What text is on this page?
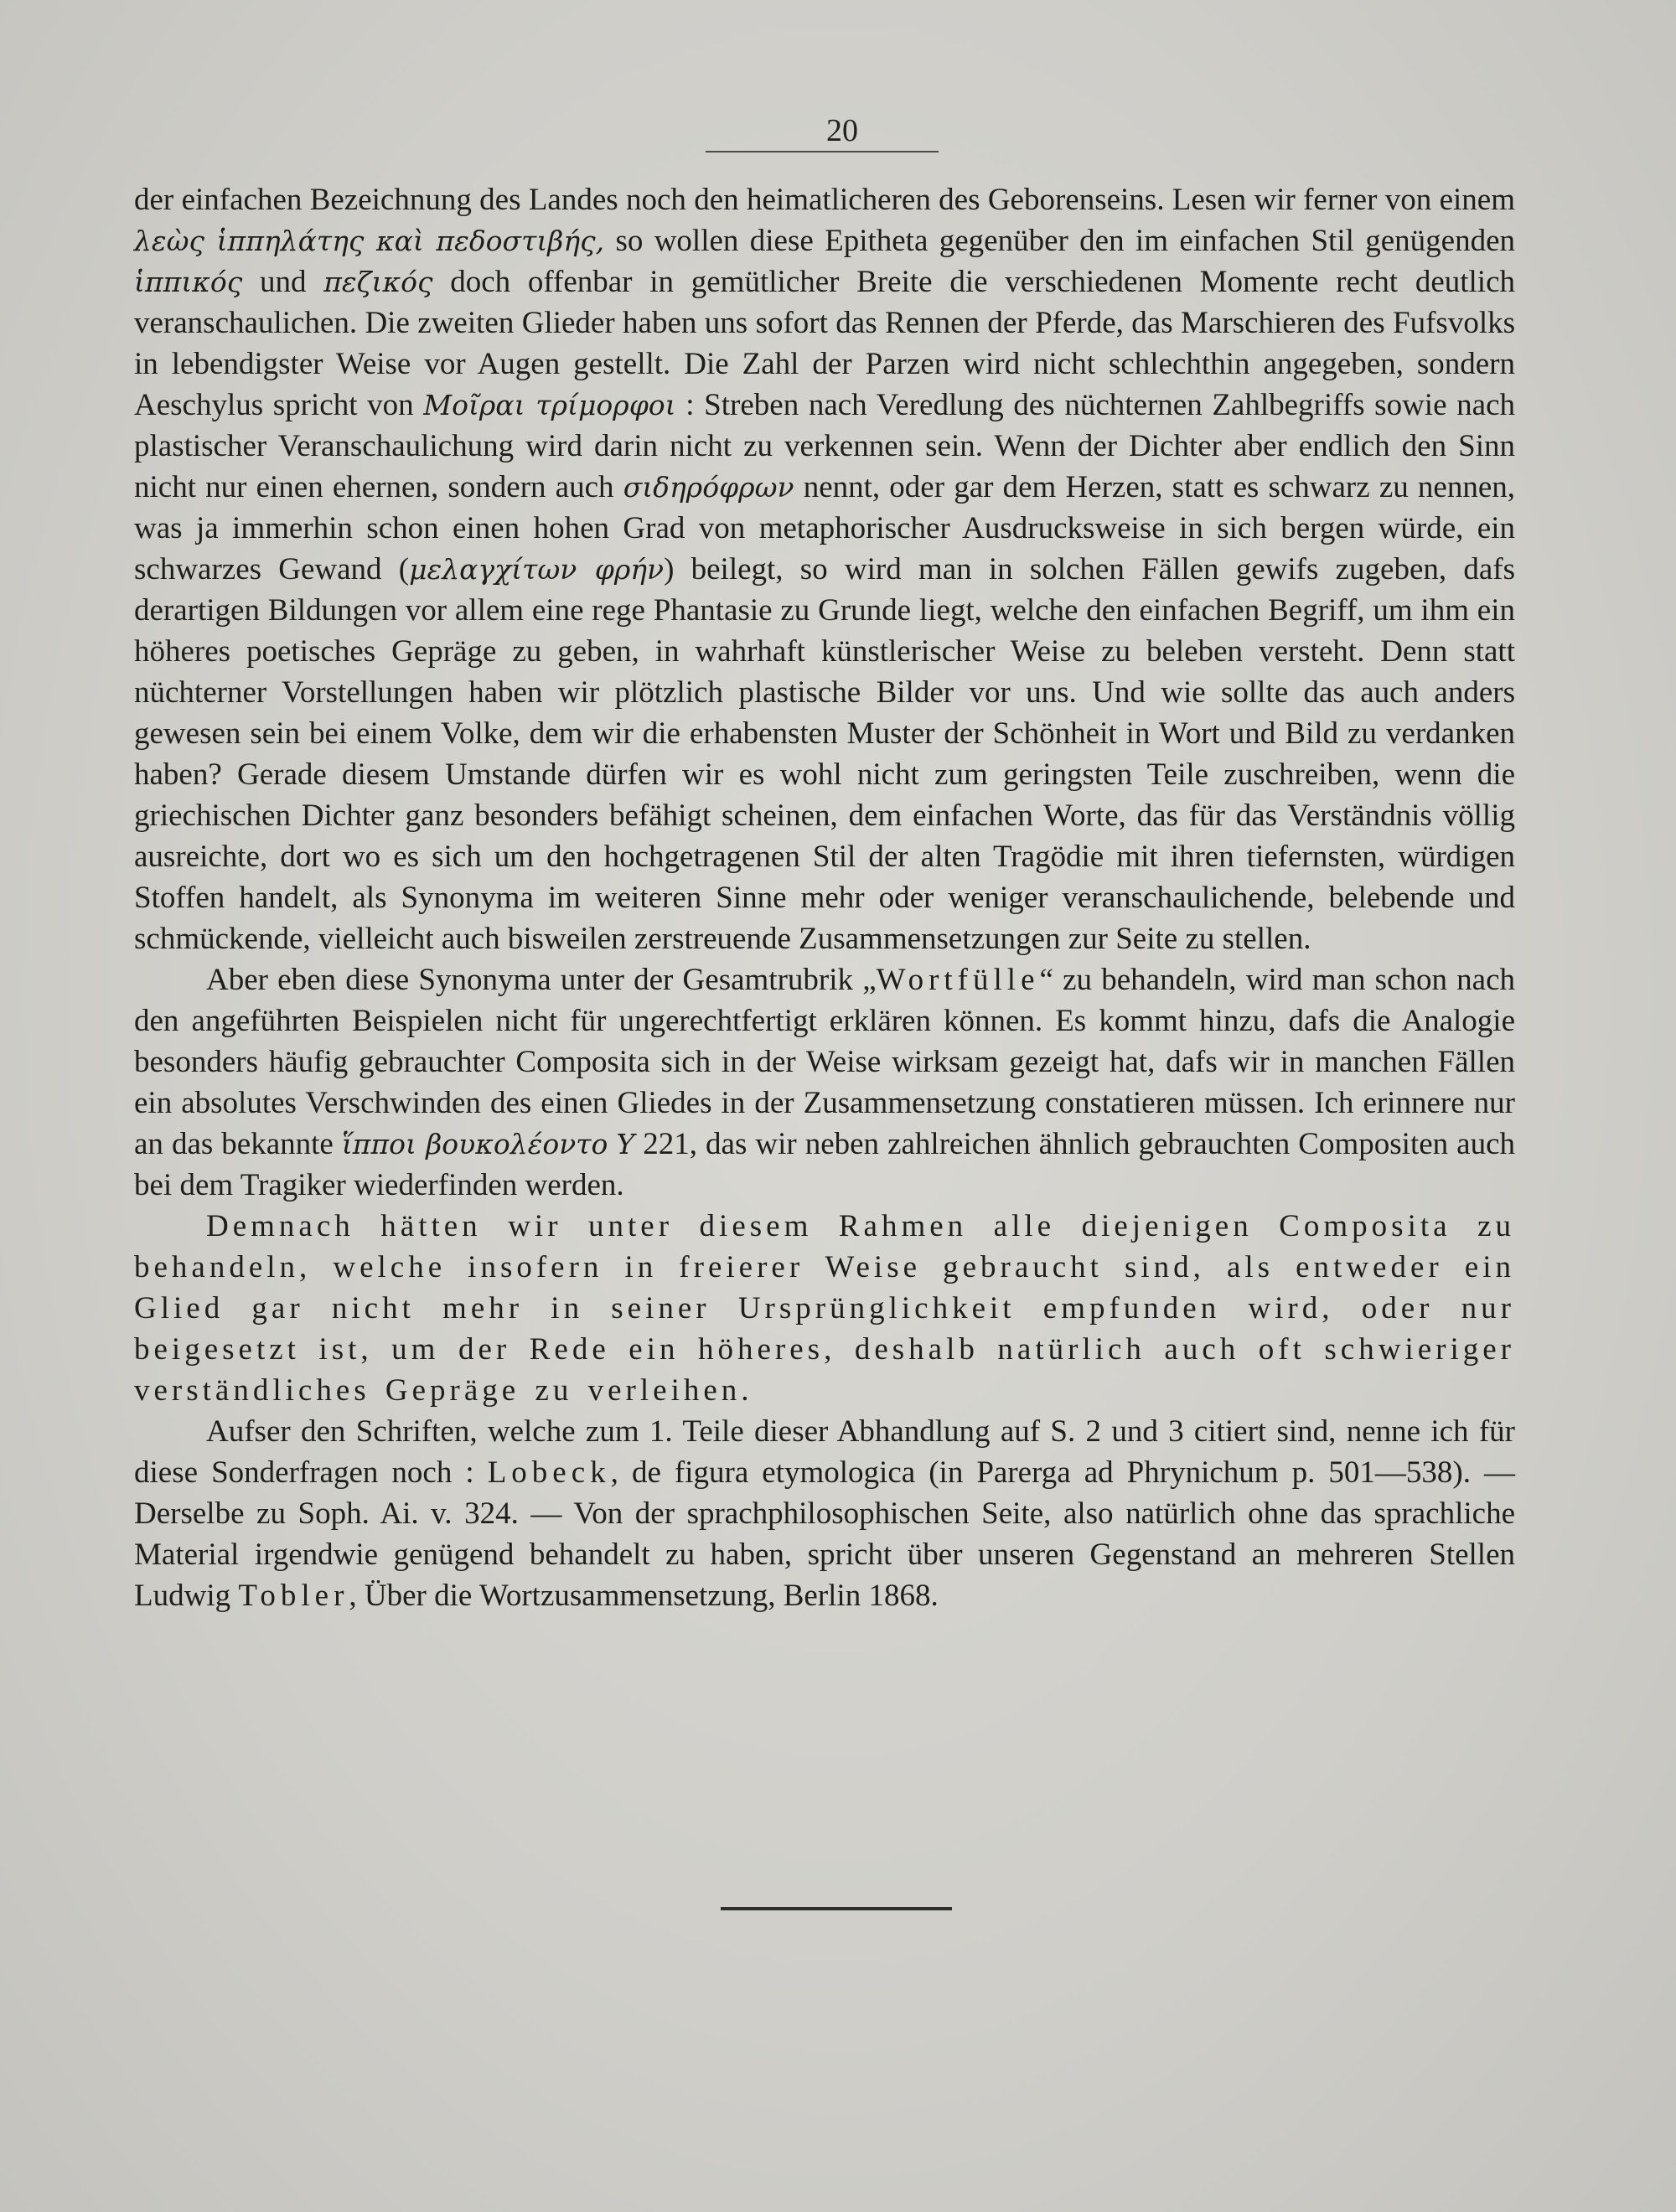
20

der einfachen Bezeichnung des Landes noch den heimatlicheren des Geborenseins. Lesen wir ferner von einem λεὼς ἱππηλάτης καὶ πεδοστιβής, so wollen diese Epitheta gegenüber den im einfachen Stil genügenden ἱππικός und πεζικός doch offenbar in gemütlicher Breite die verschiedenen Momente recht deutlich veranschaulichen. Die zweiten Glieder haben uns sofort das Rennen der Pferde, das Marschieren des Fufsvolks in lebendigster Weise vor Augen gestellt. Die Zahl der Parzen wird nicht schlechthin angegeben, sondern Aeschylus spricht von Μοῖραι τρίμορφοι : Streben nach Veredlung des nüchternen Zahlbegriffs sowie nach plastischer Veranschaulichung wird darin nicht zu verkennen sein. Wenn der Dichter aber endlich den Sinn nicht nur einen ehernen, sondern auch σιδηρόφρων nennt, oder gar dem Herzen, statt es schwarz zu nennen, was ja immerhin schon einen hohen Grad von metaphorischer Ausdrucksweise in sich bergen würde, ein schwarzes Gewand (μελαγχίτων φρήν) beilegt, so wird man in solchen Fällen gewifs zugeben, dafs derartigen Bildungen vor allem eine rege Phantasie zu Grunde liegt, welche den einfachen Begriff, um ihm ein höheres poetisches Gepräge zu geben, in wahrhaft künstlerischer Weise zu beleben versteht. Denn statt nüchterner Vorstellungen haben wir plötzlich plastische Bilder vor uns. Und wie sollte das auch anders gewesen sein bei einem Volke, dem wir die erhabensten Muster der Schönheit in Wort und Bild zu verdanken haben? Gerade diesem Umstande dürfen wir es wohl nicht zum geringsten Teile zuschreiben, wenn die griechischen Dichter ganz besonders befähigt scheinen, dem einfachen Worte, das für das Verständnis völlig ausreichte, dort wo es sich um den hochgetragenen Stil der alten Tragödie mit ihren tiefernsten, würdigen Stoffen handelt, als Synonyma im weiteren Sinne mehr oder weniger veranschaulichende, belebende und schmückende, vielleicht auch bisweilen zerstreuende Zusammensetzungen zur Seite zu stellen.

Aber eben diese Synonyma unter der Gesamtrubrik „Wortfülle“ zu behandeln, wird man schon nach den angeführten Beispielen nicht für ungerechtfertigt erklären können. Es kommt hinzu, dafs die Analogie besonders häufig gebrauchter Composita sich in der Weise wirksam gezeigt hat, dafs wir in manchen Fällen ein absolutes Verschwinden des einen Gliedes in der Zusammensetzung constatieren müssen. Ich erinnere nur an das bekannte ἵπποι βουκολέοντο Υ 221, das wir neben zahlreichen ähnlich gebrauchten Compositen auch bei dem Tragiker wiederfinden werden.

Demnach hätten wir unter diesem Rahmen alle diejenigen Composita zu behandeln, welche insofern in freierer Weise gebraucht sind, als entweder ein Glied gar nicht mehr in seiner Ursprünglichkeit empfunden wird, oder nur beigesetzt ist, um der Rede ein höheres, deshalb natürlich auch oft schwieriger verständliches Gepräge zu verleihen.

Aufser den Schriften, welche zum 1. Teile dieser Abhandlung auf S. 2 und 3 citiert sind, nenne ich für diese Sonderfragen noch : Lobeck, de figura etymologica (in Parerga ad Phrynichum p. 501—538). — Derselbe zu Soph. Ai. v. 324. — Von der sprachphilosophischen Seite, also natürlich ohne das sprachliche Material irgendwie genügend behandelt zu haben, spricht über unseren Gegenstand an mehreren Stellen Ludwig Tobler, Über die Wortzusammensetzung, Berlin 1868.
